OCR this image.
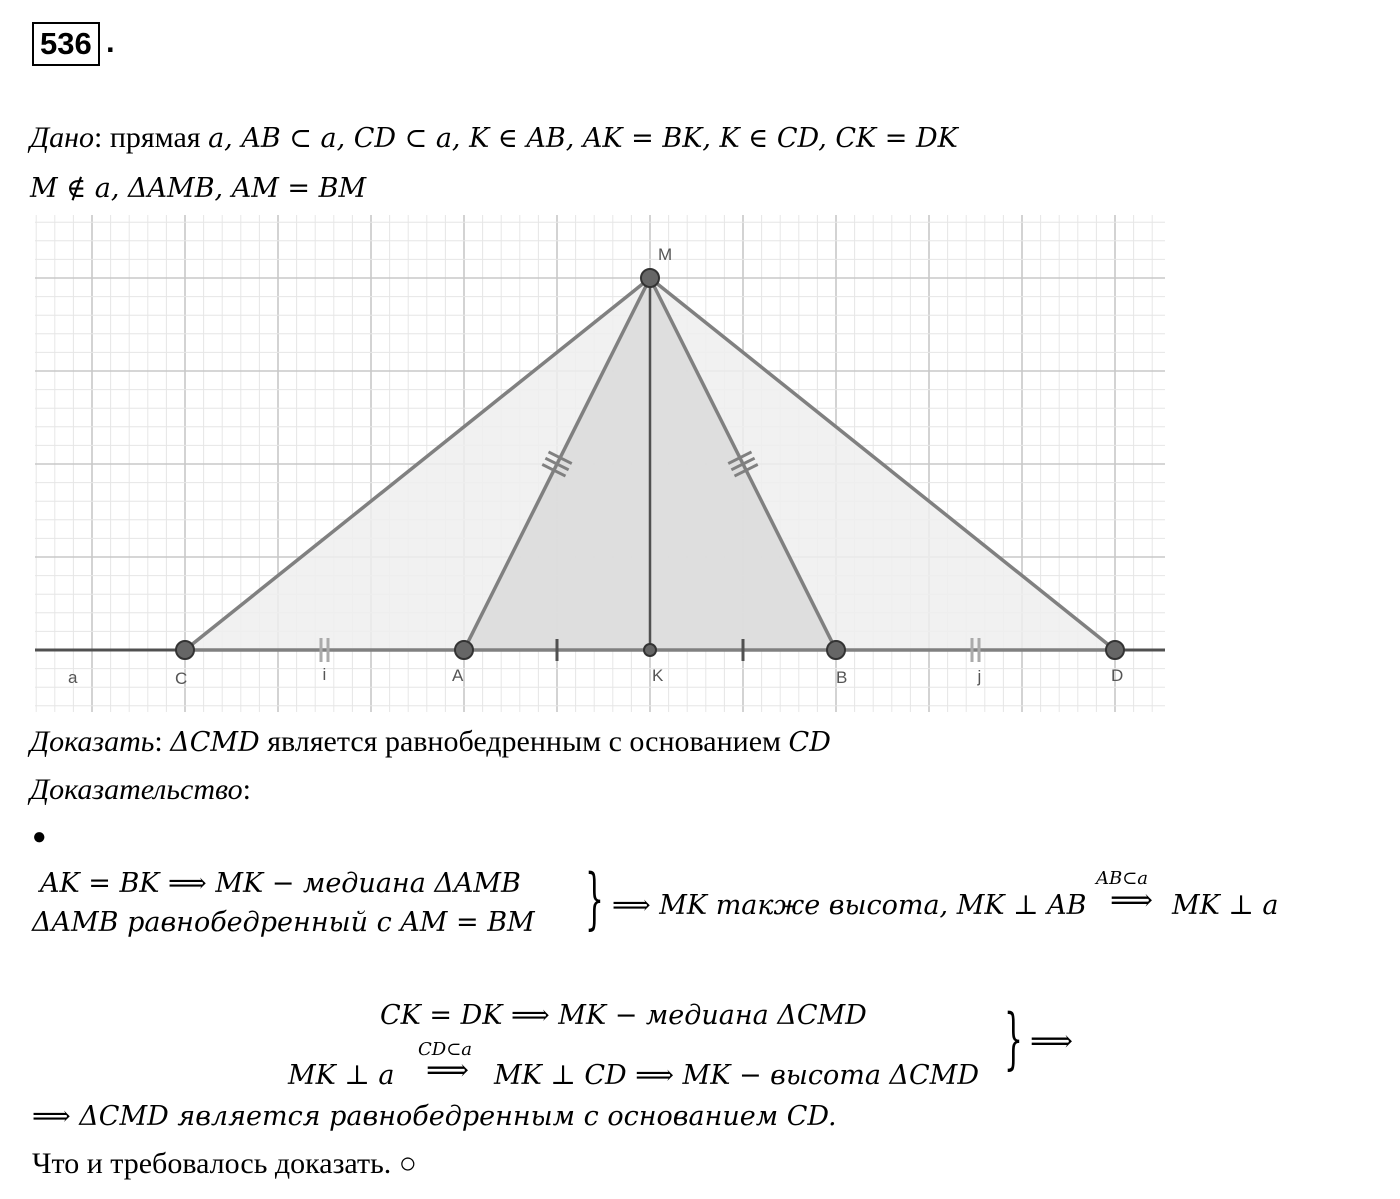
536 .
Дано: прямая a, AB ⊂ a, CD ⊂ a, K ∈ AB, AK = BK, K ∈ CD, CK = DK
M ∉ a, ΔAMB, AM = BM
M
C	A	K	B	D
a	i	j
Доказать: ΔCMD является равнобедренным с основанием CD
Доказательство:
●
AK = BK ⟹ MK − медиана ΔAMB
ΔAMB равнобедренный с AM = BM } ⟹ MK также высота, MK ⊥ AB
AB⊂a
⟹ MK ⊥ a
CK = DK ⟹ MK − медиана ΔCMD
MK ⊥ a
CD⊂a
⟹ MK ⊥ CD ⟹ MK − высота ΔCMD } ⟹
⟹ ΔCMD является равнобедренным с основанием CD.
Что и требовалось доказать. ○
